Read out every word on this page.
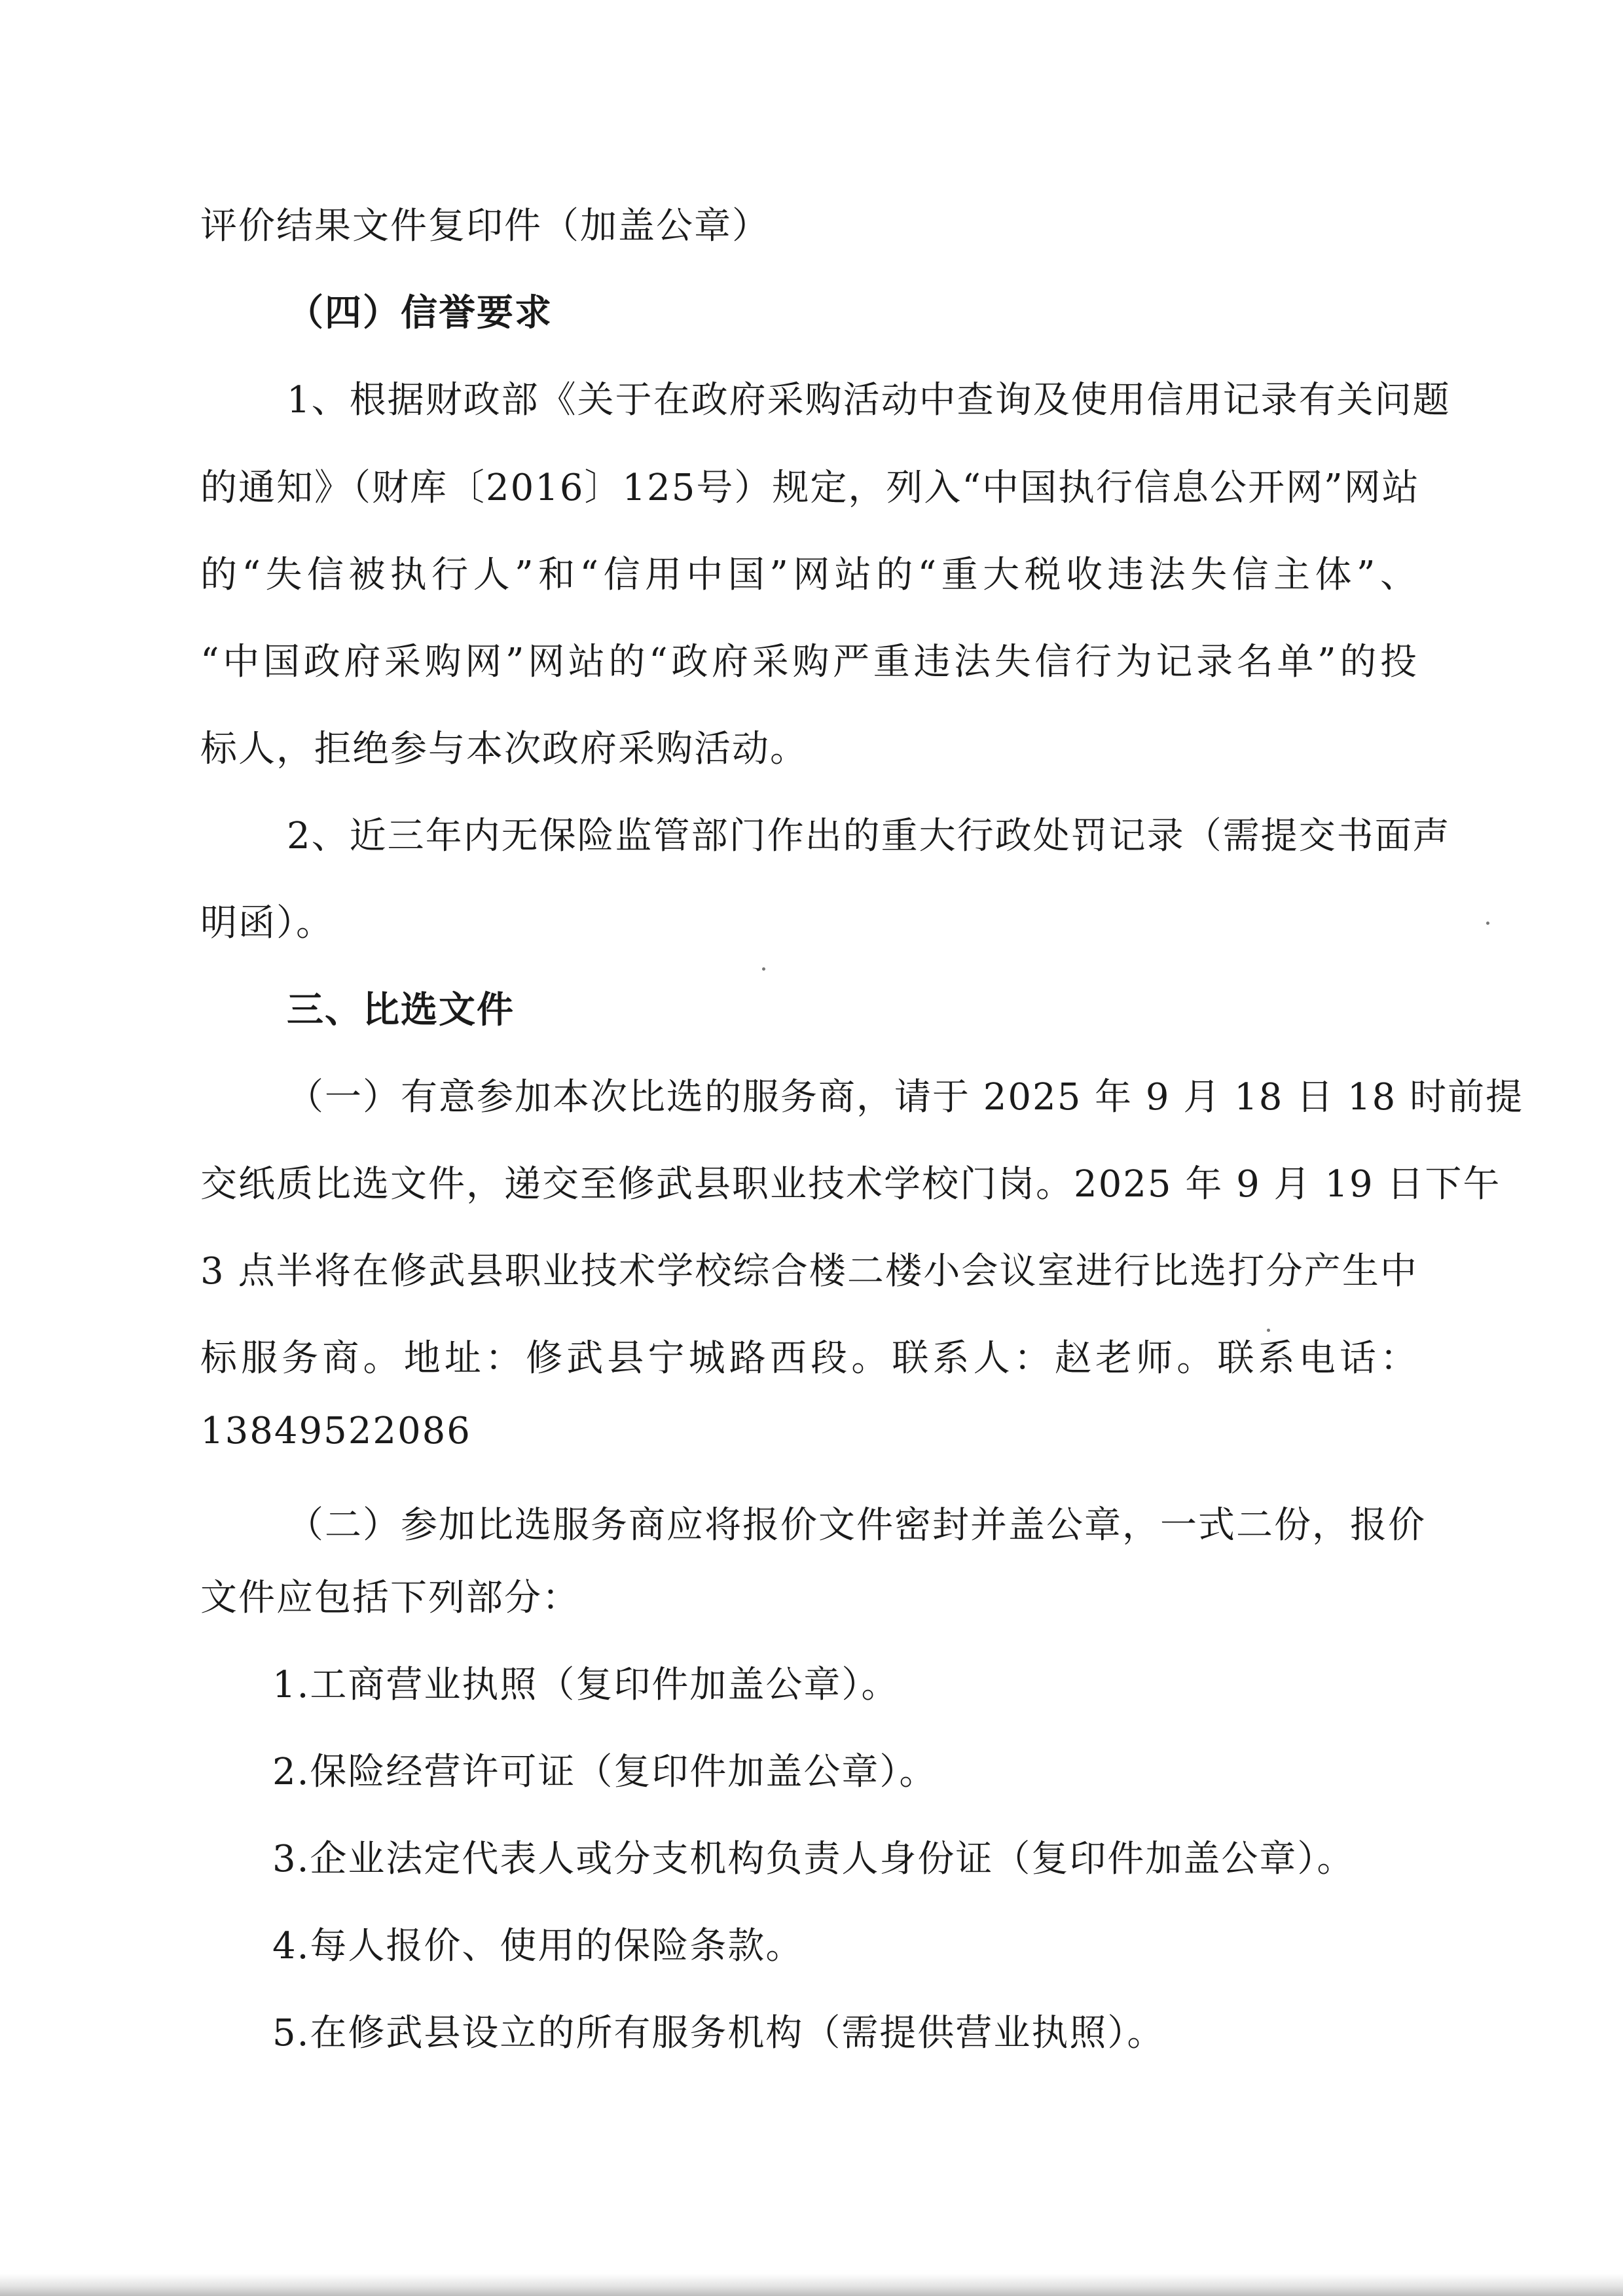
评价结果文件复印件（加盖公章）
（四）信誉要求
1、根据财政部《关于在政府采购活动中查询及使用信用记录有关问题
的通知》（财库〔2016〕125号）规定，列入“中国执行信息公开网”网站
的“失信被执行人”和“信用中国”网站的“重大税收违法失信主体”、
“中国政府采购网”网站的“政府采购严重违法失信行为记录名单”的投
标人，拒绝参与本次政府采购活动。
2、近三年内无保险监管部门作出的重大行政处罚记录（需提交书面声
明函）。
三、比选文件
（一）有意参加本次比选的服务商，请于 2025 年 9 月 18 日 18 时前提
交纸质比选文件，递交至修武县职业技术学校门岗。2025 年 9 月 19 日下午
3 点半将在修武县职业技术学校综合楼二楼小会议室进行比选打分产生中
标服务商。地址：修武县宁城路西段。联系人：赵老师。联系电话：
13849522086
（二）参加比选服务商应将报价文件密封并盖公章，一式二份，报价
文件应包括下列部分：
1.工商营业执照（复印件加盖公章）。
2.保险经营许可证（复印件加盖公章）。
3.企业法定代表人或分支机构负责人身份证（复印件加盖公章）。
4.每人报价、使用的保险条款。
5.在修武县设立的所有服务机构（需提供营业执照）。
